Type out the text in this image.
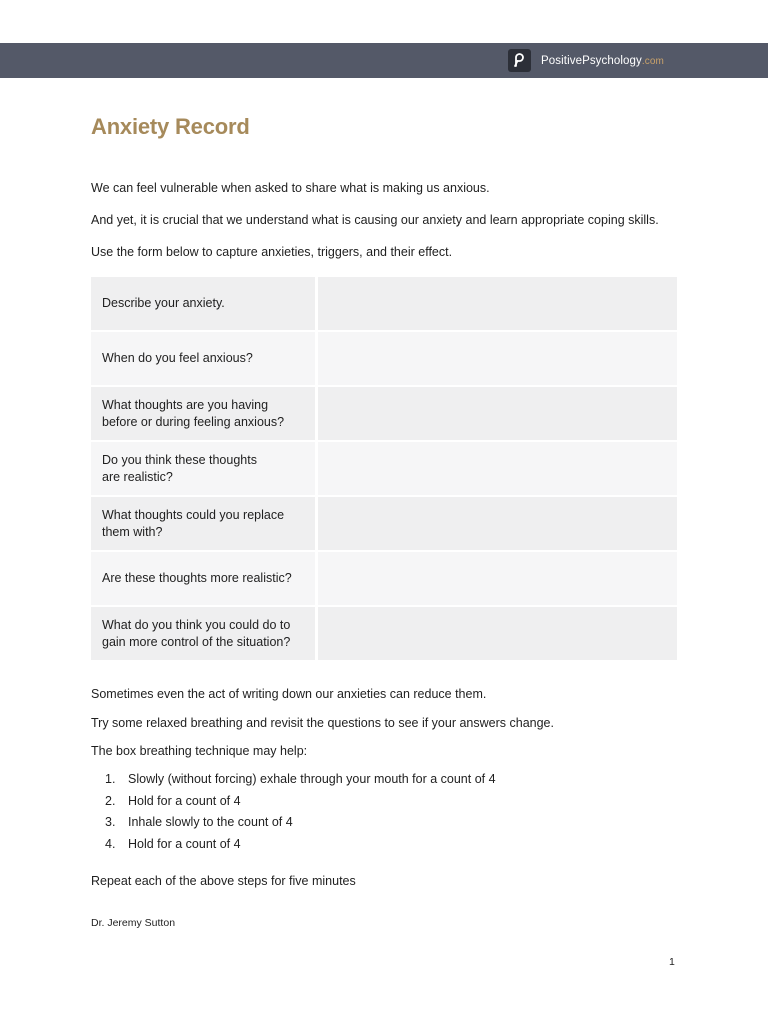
PositivePsychology.com
Anxiety Record

We can feel vulnerable when asked to share what is making us anxious.

And yet, it is crucial that we understand what is causing our anxiety and learn appropriate coping skills.

Use the form below to capture anxieties, triggers, and their effect.

Describe your anxiety.
When do you feel anxious?
What thoughts are you having before or during feeling anxious?
Do you think these thoughts are realistic?
What thoughts could you replace them with?
Are these thoughts more realistic?
What do you think you could do to gain more control of the situation?

Sometimes even the act of writing down our anxieties can reduce them.

Try some relaxed breathing and revisit the questions to see if your answers change.

The box breathing technique may help:

1.	Slowly (without forcing) exhale through your mouth for a count of 4
2.	Hold for a count of 4
3.	Inhale slowly to the count of 4
4.	Hold for a count of 4

Repeat each of the above steps for five minutes

Dr. Jeremy Sutton

1
